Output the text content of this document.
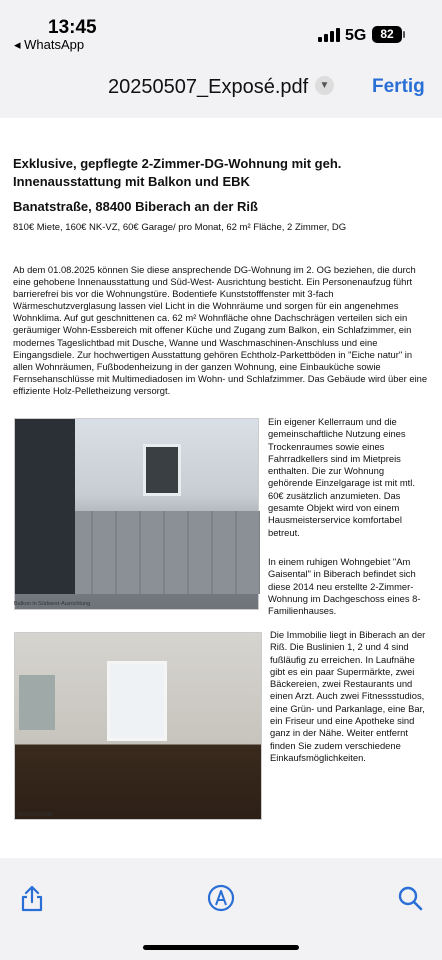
13:45
◂ WhatsApp
5G	82
20250507_Exposé.pdf	▼ Fertig
Exklusive, gepflegte 2-Zimmer-DG-Wohnung mit geh. Innenausstattung mit Balkon und EBK
Banatstraße, 88400 Biberach an der Riß
810€ Miete, 160€ NK-VZ, 60€ Garage/ pro Monat, 62 m² Fläche, 2 Zimmer, DG
Ab dem 01.08.2025 können Sie diese ansprechende DG-Wohnung im 2. OG beziehen, die durch eine gehobene Innenausstattung und Süd-West- Ausrichtung besticht. Ein Personenaufzug führt barrierefrei bis vor die Wohnungstüre. Bodentiefe Kunststofffenster mit 3-fach Wärmeschutzverglasung lassen viel Licht in die Wohnräume und sorgen für ein angenehmes Wohnklima. Auf gut geschnittenen ca. 62 m² Wohnfläche ohne Dachschrägen verteilen sich ein geräumiger Wohn-Essbereich mit offener Küche und Zugang zum Balkon, ein Schlafzimmer, ein modernes Tageslichtbad mit Dusche, Wanne und Waschmaschinen-Anschluss und eine Eingangsdiele. Zur hochwertigen Ausstattung gehören Echtholz-Parkettböden in "Eiche natur" in allen Wohnräumen, Fußbodenheizung in der ganzen Wohnung, eine Einbauküche sowie Fernsehanschlüsse mit Multimediadosen im Wohn- und Schlafzimmer. Das Gebäude wird über eine effiziente Holz-Pelletheizung versorgt.
Balkon in Südwest-Ausrichtung
Wohnzimmer
Ein eigener Kellerraum und die gemeinschaftliche Nutzung eines Trockenraumes sowie eines Fahrradkellers sind im Mietpreis enthalten. Die zur Wohnung gehörende Einzelgarage ist mit mtl. 60€ zusätzlich anzumieten. Das gesamte Objekt wird von einem Hausmeisterservice komfortabel betreut.
In einem ruhigen Wohngebiet "Am Gaisental" in Biberach befindet sich diese 2014 neu erstellte 2-Zimmer-Wohnung im Dachgeschoss eines 8-Familienhauses.
Die Immobilie liegt in Biberach an der Riß. Die Buslinien 1, 2 und 4 sind fußläufig zu erreichen. In Laufnähe gibt es ein paar Supermärkte, zwei Bäckereien, zwei Restaurants und einen Arzt. Auch zwei Fitnessstudios, eine Grün- und Parkanlage, eine Bar, ein Friseur und eine Apotheke sind ganz in der Nähe. Weiter entfernt finden Sie zudem verschiedene Einkaufsmöglichkeiten.
